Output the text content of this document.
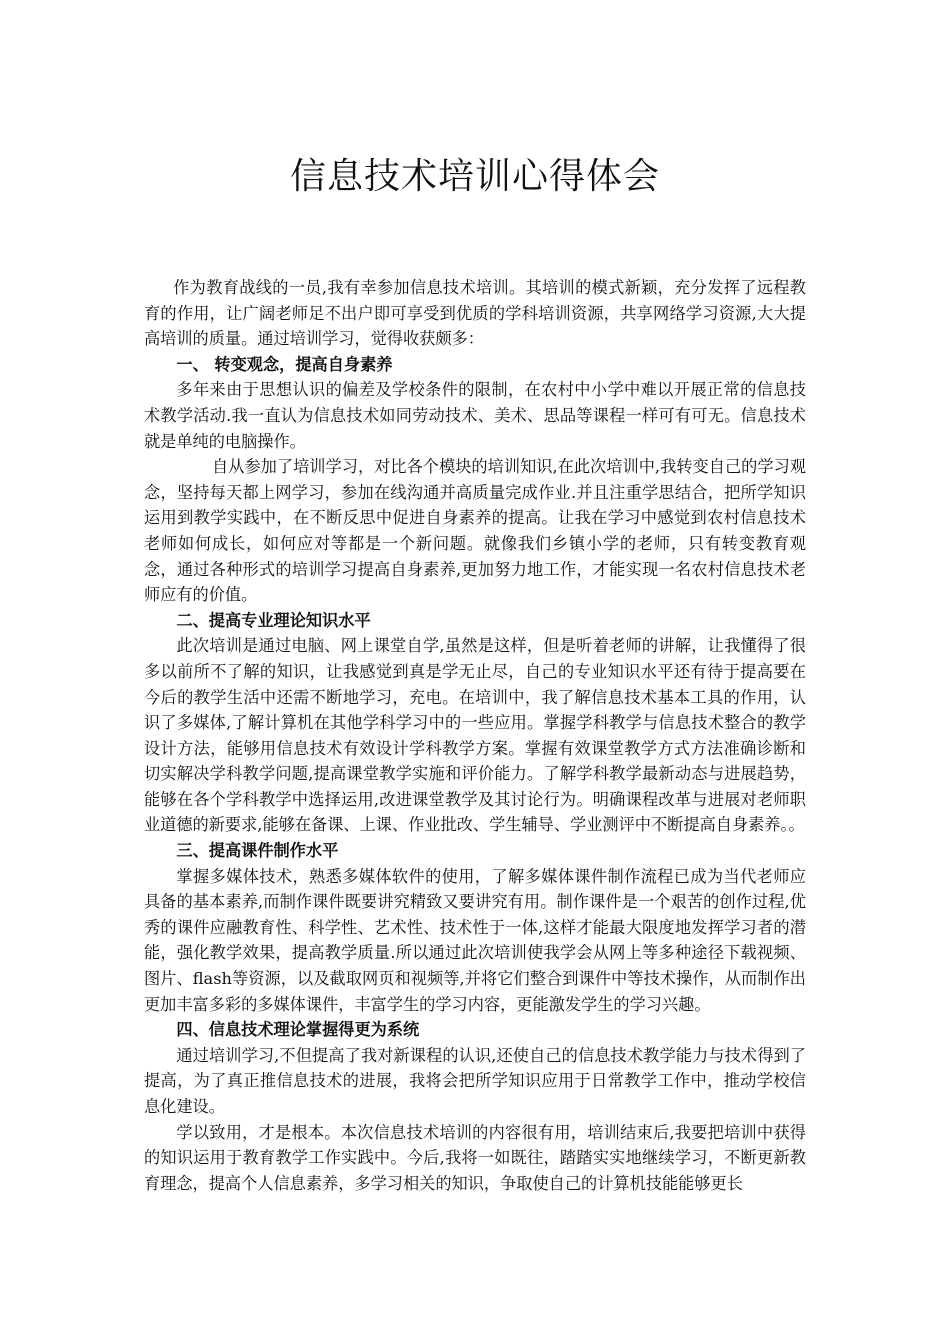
信息技术培训心得体会

作为教育战线的一员,我有幸参加信息技术培训。其培训的模式新颖，充分发挥了远程教育的作用，让广阔老师足不出户即可享受到优质的学科培训资源，共享网络学习资源,大大提高培训的质量。通过培训学习，觉得收获颇多：

一、 转变观念，提高自身素养

多年来由于思想认识的偏差及学校条件的限制，在农村中小学中难以开展正常的信息技术教学活动.我一直认为信息技术如同劳动技术、美术、思品等课程一样可有可无。信息技术就是单纯的电脑操作。

自从参加了培训学习，对比各个模块的培训知识,在此次培训中,我转变自己的学习观念，坚持每天都上网学习，参加在线沟通并高质量完成作业.并且注重学思结合，把所学知识运用到教学实践中，在不断反思中促进自身素养的提高。让我在学习中感觉到农村信息技术老师如何成长，如何应对等都是一个新问题。就像我们乡镇小学的老师，只有转变教育观念，通过各种形式的培训学习提高自身素养,更加努力地工作，才能实现一名农村信息技术老师应有的价值。

二、提高专业理论知识水平

此次培训是通过电脑、网上课堂自学,虽然是这样，但是听着老师的讲解，让我懂得了很多以前所不了解的知识，让我感觉到真是学无止尽，自己的专业知识水平还有待于提高要在今后的教学生活中还需不断地学习，充电。在培训中，我了解信息技术基本工具的作用，认识了多媒体,了解计算机在其他学科学习中的一些应用。掌握学科教学与信息技术整合的教学设计方法，能够用信息技术有效设计学科教学方案。掌握有效课堂教学方式方法准确诊断和切实解决学科教学问题,提高课堂教学实施和评价能力。了解学科教学最新动态与进展趋势，能够在各个学科教学中选择运用,改进课堂教学及其讨论行为。明确课程改革与进展对老师职业道德的新要求,能够在备课、上课、作业批改、学生辅导、学业测评中不断提高自身素养。。

三、提高课件制作水平

掌握多媒体技术，熟悉多媒体软件的使用，了解多媒体课件制作流程已成为当代老师应具备的基本素养,而制作课件既要讲究精致又要讲究有用。制作课件是一个艰苦的创作过程,优秀的课件应融教育性、科学性、艺术性、技术性于一体,这样才能最大限度地发挥学习者的潜能，强化教学效果，提高教学质量.所以通过此次培训使我学会从网上等多种途径下载视频、图片、flash等资源，以及截取网页和视频等,并将它们整合到课件中等技术操作，从而制作出更加丰富多彩的多媒体课件，丰富学生的学习内容，更能激发学生的学习兴趣。

四、信息技术理论掌握得更为系统

通过培训学习,不但提高了我对新课程的认识,还使自己的信息技术教学能力与技术得到了提高，为了真正推信息技术的进展，我将会把所学知识应用于日常教学工作中，推动学校信息化建设。

学以致用，才是根本。本次信息技术培训的内容很有用，培训结束后,我要把培训中获得的知识运用于教育教学工作实践中。今后,我将一如既往，踏踏实实地继续学习，不断更新教育理念，提高个人信息素养，多学习相关的知识，争取使自己的计算机技能能够更长
